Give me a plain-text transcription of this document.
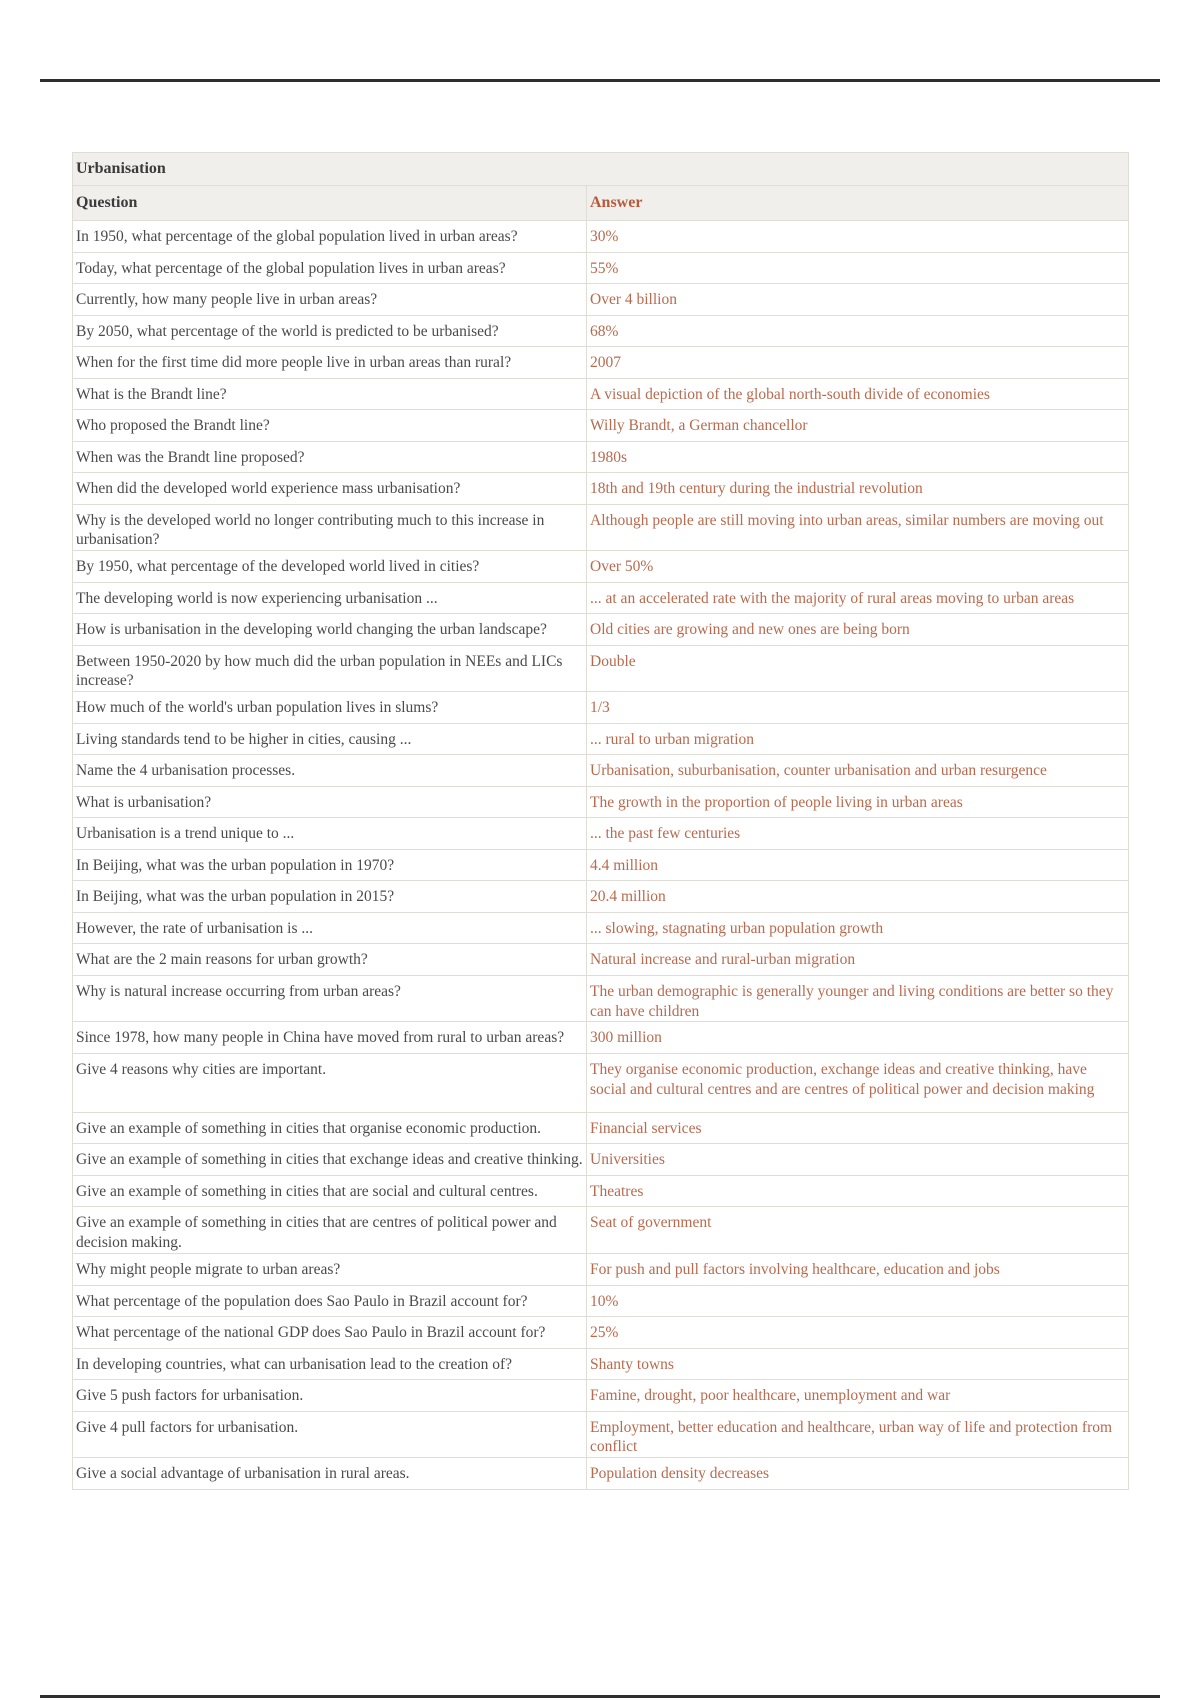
Urbanisation	
Question	Answer
In 1950, what percentage of the global population lived in urban areas?	30%
Today, what percentage of the global population lives in urban areas?	55%
Currently, how many people live in urban areas?	Over 4 billion
By 2050, what percentage of the world is predicted to be urbanised?	68%
When for the first time did more people live in urban areas than rural?	2007
What is the Brandt line?	A visual depiction of the global north-south divide of economies
Who proposed the Brandt line?	Willy Brandt, a German chancellor
When was the Brandt line proposed?	1980s
When did the developed world experience mass urbanisation?	18th and 19th century during the industrial revolution
Why is the developed world no longer contributing much to this increase in urbanisation?	Although people are still moving into urban areas, similar numbers are moving out
By 1950, what percentage of the developed world lived in cities?	Over 50%
The developing world is now experiencing urbanisation ...	... at an accelerated rate with the majority of rural areas moving to urban areas
How is urbanisation in the developing world changing the urban landscape?	Old cities are growing and new ones are being born
Between 1950-2020 by how much did the urban population in NEEs and LICs increase?	Double
How much of the world's urban population lives in slums?	1/3
Living standards tend to be higher in cities, causing ...	... rural to urban migration
Name the 4 urbanisation processes.	Urbanisation, suburbanisation, counter urbanisation and urban resurgence
What is urbanisation?	The growth in the proportion of people living in urban areas
Urbanisation is a trend unique to ...	... the past few centuries
In Beijing, what was the urban population in 1970?	4.4 million
In Beijing, what was the urban population in 2015?	20.4 million
However, the rate of urbanisation is ...	... slowing, stagnating urban population growth
What are the 2 main reasons for urban growth?	Natural increase and rural-urban migration
Why is natural increase occurring from urban areas?	The urban demographic is generally younger and living conditions are better so they can have children
Since 1978, how many people in China have moved from rural to urban areas?	300 million
Give 4 reasons why cities are important.	They organise economic production, exchange ideas and creative thinking, have social and cultural centres and are centres of political power and decision making
Give an example of something in cities that organise economic production.	Financial services
Give an example of something in cities that exchange ideas and creative thinking.	Universities
Give an example of something in cities that are social and cultural centres.	Theatres
Give an example of something in cities that are centres of political power and decision making.	Seat of government
Why might people migrate to urban areas?	For push and pull factors involving healthcare, education and jobs
What percentage of the population does Sao Paulo in Brazil account for?	10%
What percentage of the national GDP does Sao Paulo in Brazil account for?	25%
In developing countries, what can urbanisation lead to the creation of?	Shanty towns
Give 5 push factors for urbanisation.	Famine, drought, poor healthcare, unemployment and war
Give 4 pull factors for urbanisation.	Employment, better education and healthcare, urban way of life and protection from conflict
Give a social advantage of urbanisation in rural areas.	Population density decreases
